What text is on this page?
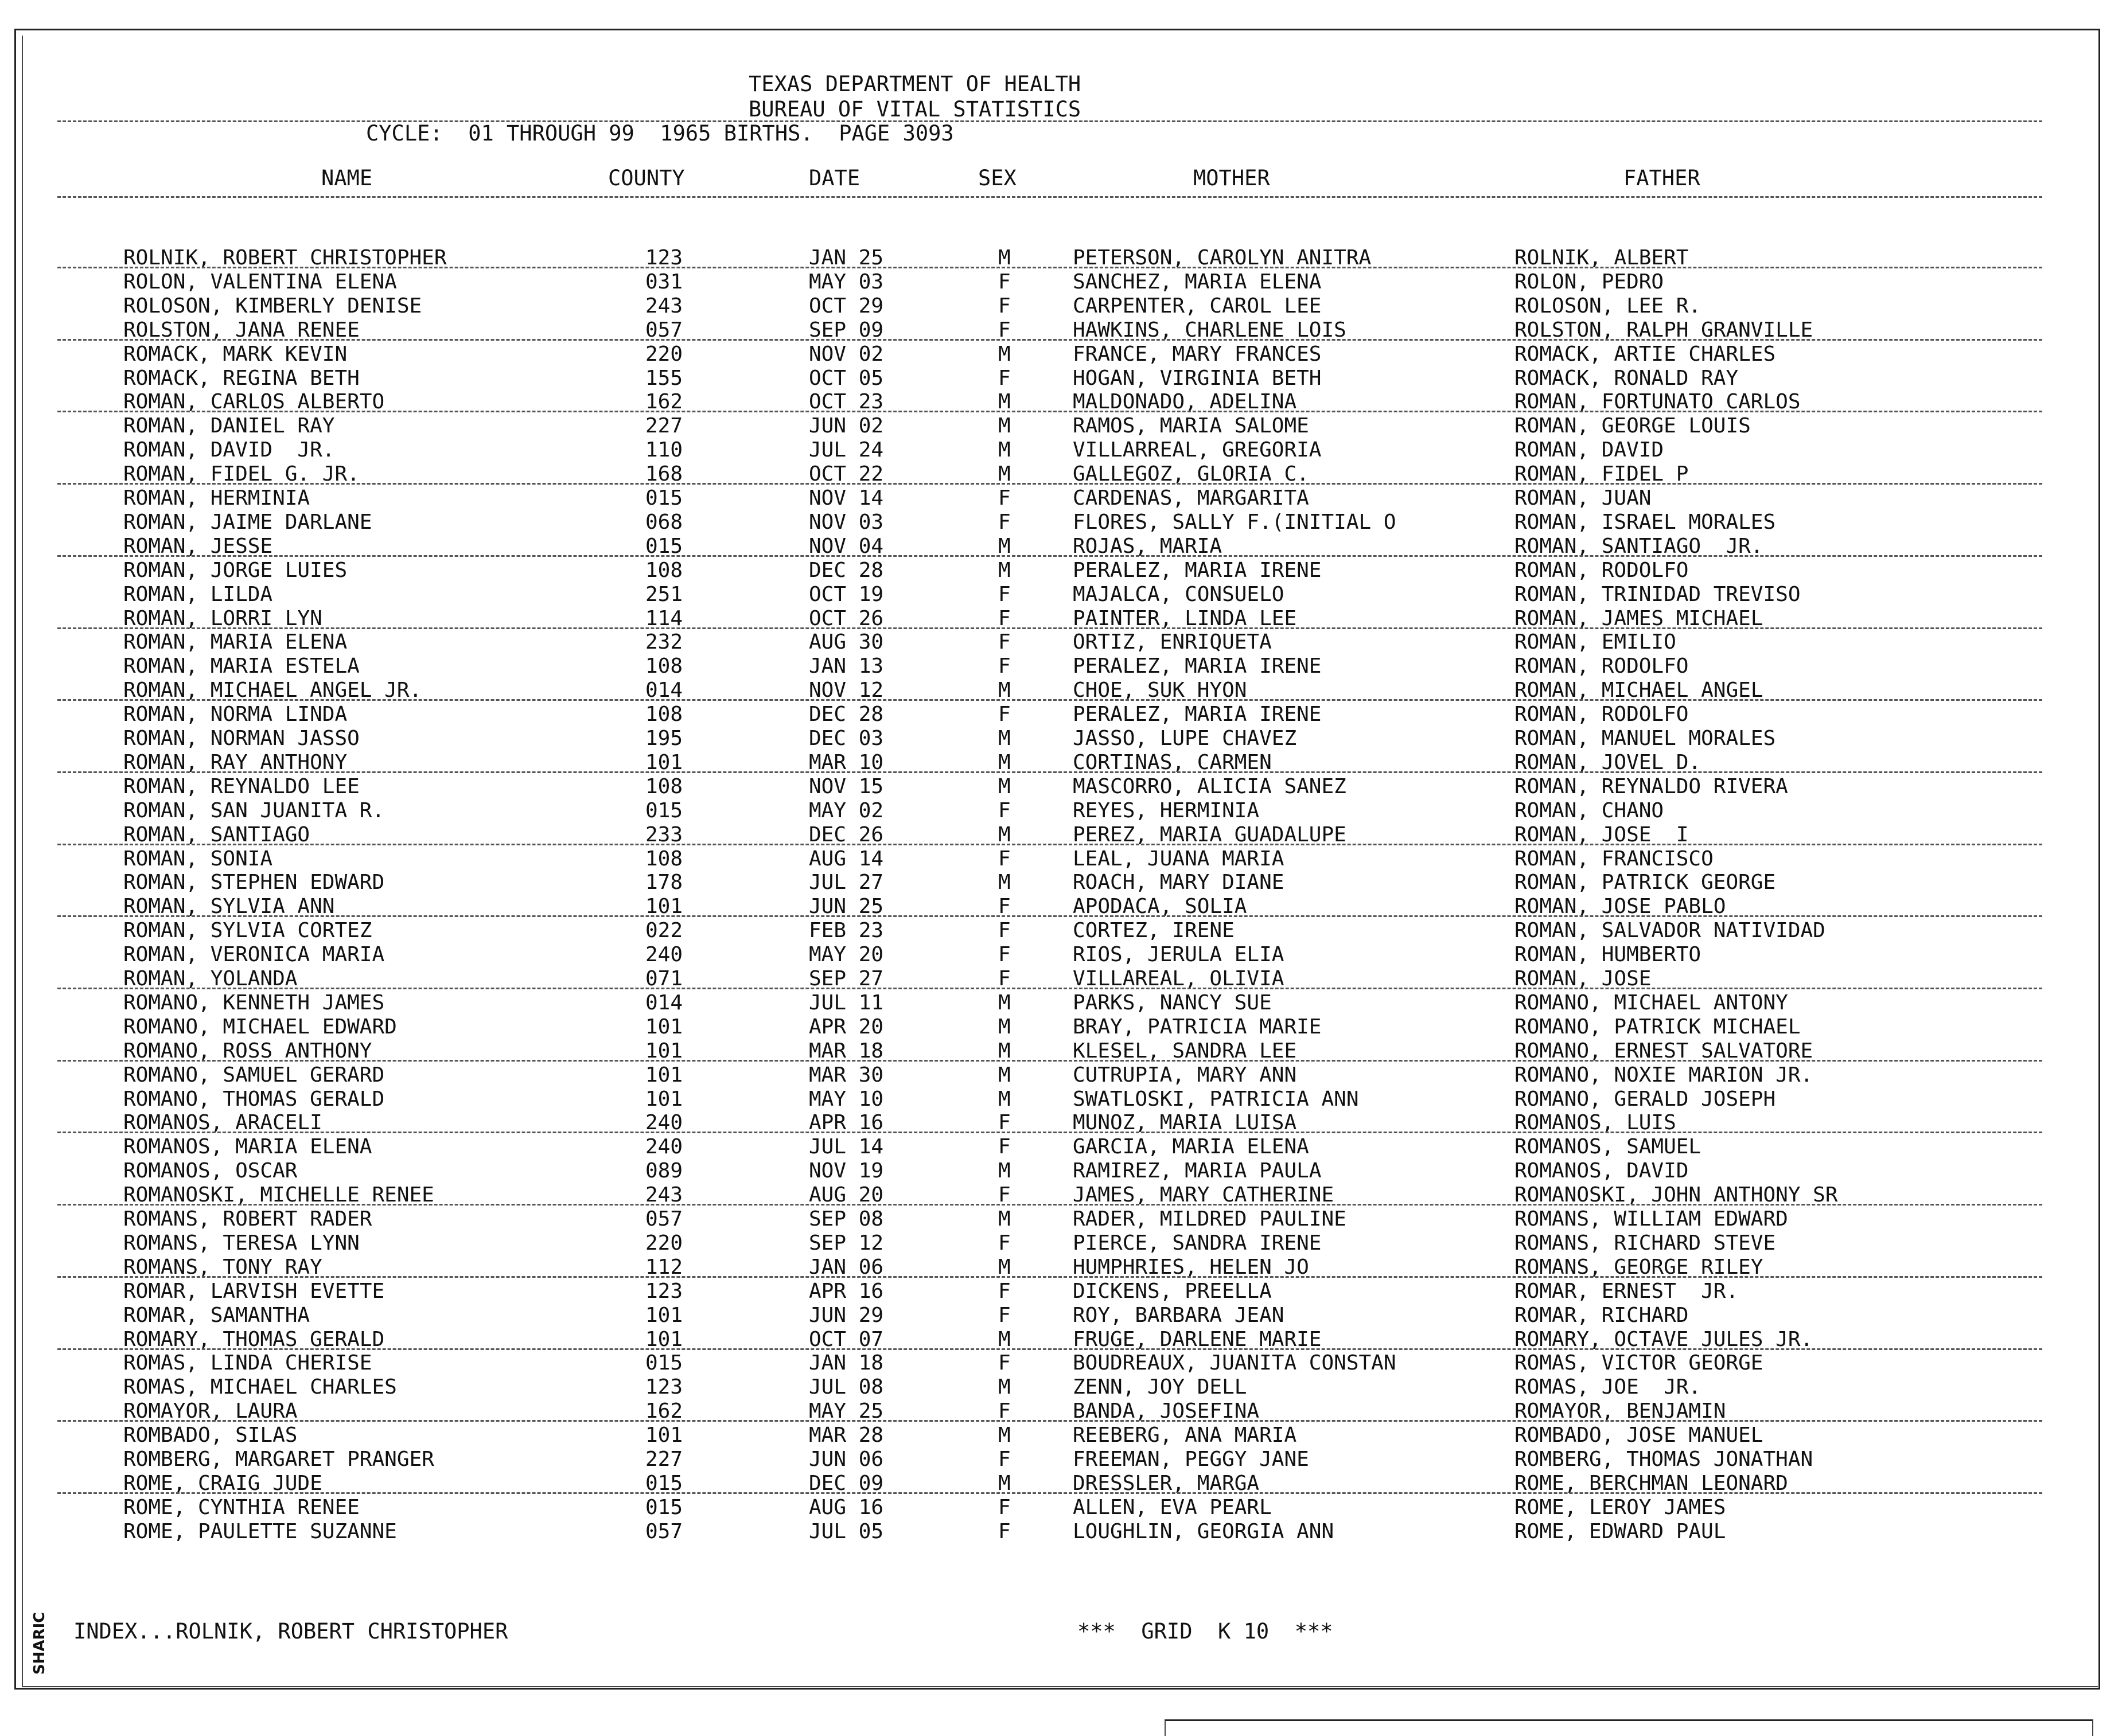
SHARIC
TEXAS DEPARTMENT OF HEALTH
BUREAU OF VITAL STATISTICS
CYCLE:  01 THROUGH 99  1965 BIRTHS.  PAGE 3093
NAME	COUNTY	DATE	SEX	MOTHER	FATHER
ROLNIK, ROBERT CHRISTOPHER	123	JAN 25	M	PETERSON, CAROLYN ANITRA	ROLNIK, ALBERT
ROLON, VALENTINA ELENA	031	MAY 03	F	SANCHEZ, MARIA ELENA	ROLON, PEDRO
ROLOSON, KIMBERLY DENISE	243	OCT 29	F	CARPENTER, CAROL LEE	ROLOSON, LEE R.
ROLSTON, JANA RENEE	057	SEP 09	F	HAWKINS, CHARLENE LOIS	ROLSTON, RALPH GRANVILLE
ROMACK, MARK KEVIN	220	NOV 02	M	FRANCE, MARY FRANCES	ROMACK, ARTIE CHARLES
ROMACK, REGINA BETH	155	OCT 05	F	HOGAN, VIRGINIA BETH	ROMACK, RONALD RAY
ROMAN, CARLOS ALBERTO	162	OCT 23	M	MALDONADO, ADELINA	ROMAN, FORTUNATO CARLOS
ROMAN, DANIEL RAY	227	JUN 02	M	RAMOS, MARIA SALOME	ROMAN, GEORGE LOUIS
ROMAN, DAVID  JR.	110	JUL 24	M	VILLARREAL, GREGORIA	ROMAN, DAVID
ROMAN, FIDEL G. JR.	168	OCT 22	M	GALLEGOZ, GLORIA C.	ROMAN, FIDEL P
ROMAN, HERMINIA	015	NOV 14	F	CARDENAS, MARGARITA	ROMAN, JUAN
ROMAN, JAIME DARLANE	068	NOV 03	F	FLORES, SALLY F.(INITIAL O	ROMAN, ISRAEL MORALES
ROMAN, JESSE	015	NOV 04	M	ROJAS, MARIA	ROMAN, SANTIAGO  JR.
ROMAN, JORGE LUIES	108	DEC 28	M	PERALEZ, MARIA IRENE	ROMAN, RODOLFO
ROMAN, LILDA	251	OCT 19	F	MAJALCA, CONSUELO	ROMAN, TRINIDAD TREVISO
ROMAN, LORRI LYN	114	OCT 26	F	PAINTER, LINDA LEE	ROMAN, JAMES MICHAEL
ROMAN, MARIA ELENA	232	AUG 30	F	ORTIZ, ENRIQUETA	ROMAN, EMILIO
ROMAN, MARIA ESTELA	108	JAN 13	F	PERALEZ, MARIA IRENE	ROMAN, RODOLFO
ROMAN, MICHAEL ANGEL JR.	014	NOV 12	M	CHOE, SUK HYON	ROMAN, MICHAEL ANGEL
ROMAN, NORMA LINDA	108	DEC 28	F	PERALEZ, MARIA IRENE	ROMAN, RODOLFO
ROMAN, NORMAN JASSO	195	DEC 03	M	JASSO, LUPE CHAVEZ	ROMAN, MANUEL MORALES
ROMAN, RAY ANTHONY	101	MAR 10	M	CORTINAS, CARMEN	ROMAN, JOVEL D.
ROMAN, REYNALDO LEE	108	NOV 15	M	MASCORRO, ALICIA SANEZ	ROMAN, REYNALDO RIVERA
ROMAN, SAN JUANITA R.	015	MAY 02	F	REYES, HERMINIA	ROMAN, CHANO
ROMAN, SANTIAGO	233	DEC 26	M	PEREZ, MARIA GUADALUPE	ROMAN, JOSE  I
ROMAN, SONIA	108	AUG 14	F	LEAL, JUANA MARIA	ROMAN, FRANCISCO
ROMAN, STEPHEN EDWARD	178	JUL 27	M	ROACH, MARY DIANE	ROMAN, PATRICK GEORGE
ROMAN, SYLVIA ANN	101	JUN 25	F	APODACA, SOLIA	ROMAN, JOSE PABLO
ROMAN, SYLVIA CORTEZ	022	FEB 23	F	CORTEZ, IRENE	ROMAN, SALVADOR NATIVIDAD
ROMAN, VERONICA MARIA	240	MAY 20	F	RIOS, JERULA ELIA	ROMAN, HUMBERTO
ROMAN, YOLANDA	071	SEP 27	F	VILLAREAL, OLIVIA	ROMAN, JOSE
ROMANO, KENNETH JAMES	014	JUL 11	M	PARKS, NANCY SUE	ROMANO, MICHAEL ANTONY
ROMANO, MICHAEL EDWARD	101	APR 20	M	BRAY, PATRICIA MARIE	ROMANO, PATRICK MICHAEL
ROMANO, ROSS ANTHONY	101	MAR 18	M	KLESEL, SANDRA LEE	ROMANO, ERNEST SALVATORE
ROMANO, SAMUEL GERARD	101	MAR 30	M	CUTRUPIA, MARY ANN	ROMANO, NOXIE MARION JR.
ROMANO, THOMAS GERALD	101	MAY 10	M	SWATLOSKI, PATRICIA ANN	ROMANO, GERALD JOSEPH
ROMANOS, ARACELI	240	APR 16	F	MUNOZ, MARIA LUISA	ROMANOS, LUIS
ROMANOS, MARIA ELENA	240	JUL 14	F	GARCIA, MARIA ELENA	ROMANOS, SAMUEL
ROMANOS, OSCAR	089	NOV 19	M	RAMIREZ, MARIA PAULA	ROMANOS, DAVID
ROMANOSKI, MICHELLE RENEE	243	AUG 20	F	JAMES, MARY CATHERINE	ROMANOSKI, JOHN ANTHONY SR
ROMANS, ROBERT RADER	057	SEP 08	M	RADER, MILDRED PAULINE	ROMANS, WILLIAM EDWARD
ROMANS, TERESA LYNN	220	SEP 12	F	PIERCE, SANDRA IRENE	ROMANS, RICHARD STEVE
ROMANS, TONY RAY	112	JAN 06	M	HUMPHRIES, HELEN JO	ROMANS, GEORGE RILEY
ROMAR, LARVISH EVETTE	123	APR 16	F	DICKENS, PREELLA	ROMAR, ERNEST  JR.
ROMAR, SAMANTHA	101	JUN 29	F	ROY, BARBARA JEAN	ROMAR, RICHARD
ROMARY, THOMAS GERALD	101	OCT 07	M	FRUGE, DARLENE MARIE	ROMARY, OCTAVE JULES JR.
ROMAS, LINDA CHERISE	015	JAN 18	F	BOUDREAUX, JUANITA CONSTAN	ROMAS, VICTOR GEORGE
ROMAS, MICHAEL CHARLES	123	JUL 08	M	ZENN, JOY DELL	ROMAS, JOE  JR.
ROMAYOR, LAURA	162	MAY 25	F	BANDA, JOSEFINA	ROMAYOR, BENJAMIN
ROMBADO, SILAS	101	MAR 28	M	REEBERG, ANA MARIA	ROMBADO, JOSE MANUEL
ROMBERG, MARGARET PRANGER	227	JUN 06	F	FREEMAN, PEGGY JANE	ROMBERG, THOMAS JONATHAN
ROME, CRAIG JUDE	015	DEC 09	M	DRESSLER, MARGA	ROME, BERCHMAN LEONARD
ROME, CYNTHIA RENEE	015	AUG 16	F	ALLEN, EVA PEARL	ROME, LEROY JAMES
ROME, PAULETTE SUZANNE	057	JUL 05	F	LOUGHLIN, GEORGIA ANN	ROME, EDWARD PAUL
INDEX...ROLNIK, ROBERT CHRISTOPHER	***  GRID  K 10  ***
